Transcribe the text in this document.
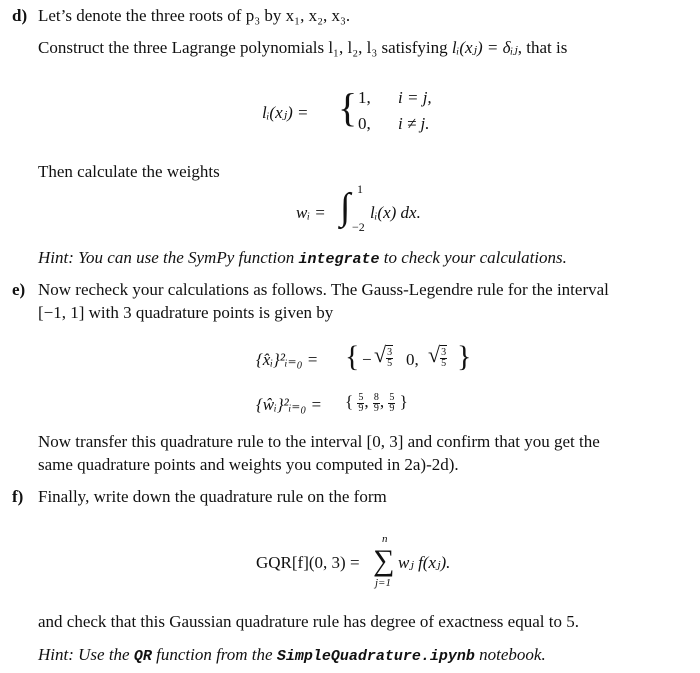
d) Let’s denote the three roots of p₃ by x₁, x₂, x₃.
Construct the three Lagrange polynomials l₁, l₂, l₃ satisfying lᵢ(xⱼ) = δᵢⱼ, that is
lᵢ(xⱼ) = { 1, i = j,
0, i ≠ j.
Then calculate the weights
wᵢ = ∫ 1
−2
lᵢ(x) dx.
Hint: You can use the SymPy function integrate to check your calculations.
e) Now recheck your calculations as follows. The Gauss-Legendre rule for the interval
[−1, 1] with 3 quadrature points is given by
{x̂ᵢ}²ᵢ₌₀ = { − √ $\frac{3}{5} 0$, √ $\frac{3}{5}$ }
{ŵᵢ}²ᵢ₌₀ = { $\frac{5}{9}$ , $\frac{8}{9}$ , $\frac{5}{9}$ }
Now transfer this quadrature rule to the interval [0, 3] and confirm that you get the
same quadrature points and weights you computed in 2a)-2d).
f) Finally, write down the quadrature rule on the form
GQR[f](0, 3) =
n
∑
j=1
wⱼ f(xⱼ).
and check that this Gaussian quadrature rule has degree of exactness equal to 5.
Hint: Use the QR function from the SimpleQuadrature.ipynb notebook.
